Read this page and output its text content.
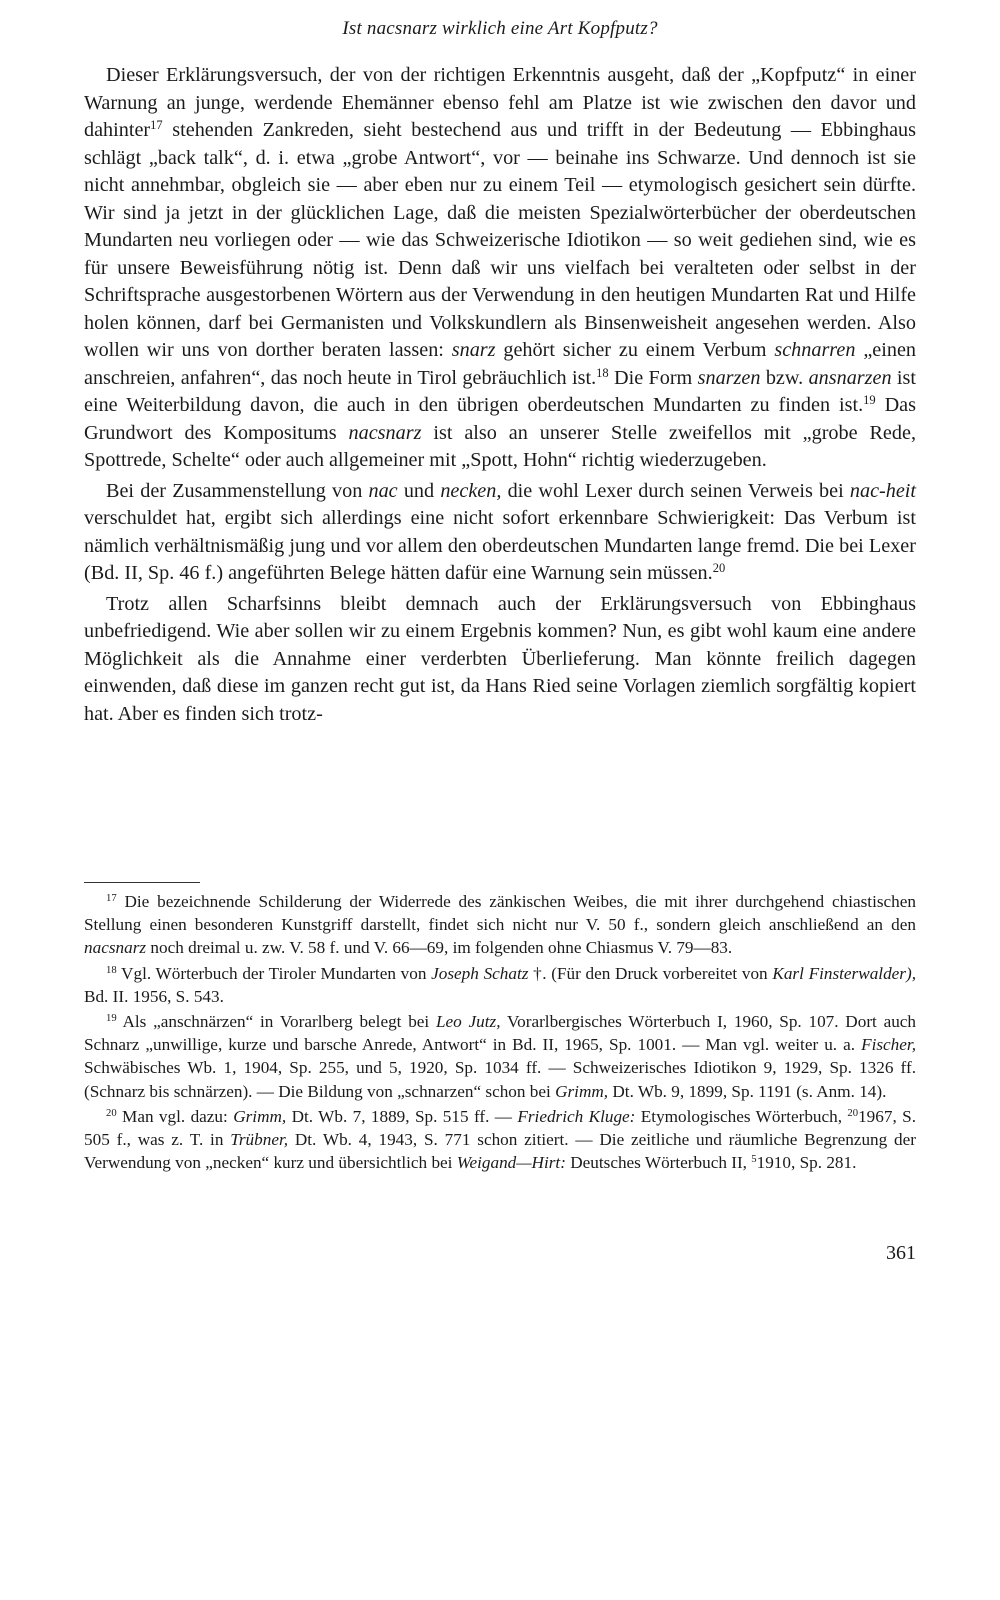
Ist nacsnarz wirklich eine Art Kopfputz?

Dieser Erklärungsversuch, der von der richtigen Erkenntnis ausgeht, daß der „Kopfputz“ in einer Warnung an junge, werdende Ehemänner ebenso fehl am Platze ist wie zwischen den davor und dahinter$^{17}$ stehenden Zankreden, sieht bestechend aus und trifft in der Bedeutung — Ebbinghaus schlägt „back talk“, d. i. etwa „grobe Antwort“, vor — beinahe ins Schwarze. Und dennoch ist sie nicht annehmbar, obgleich sie — aber eben nur zu einem Teil — etymologisch gesichert sein dürfte. Wir sind ja jetzt in der glücklichen Lage, daß die meisten Spezialwörterbücher der oberdeutschen Mundarten neu vorliegen oder — wie das Schweizerische Idiotikon — so weit gediehen sind, wie es für unsere Beweisführung nötig ist. Denn daß wir uns vielfach bei veralteten oder selbst in der Schriftsprache ausgestorbenen Wörtern aus der Verwendung in den heutigen Mundarten Rat und Hilfe holen können, darf bei Germanisten und Volkskundlern als Binsenweisheit angesehen werden. Also wollen wir uns von dorther beraten lassen: snarz gehört sicher zu einem Verbum schnarren „einen anschreien, anfahren“, das noch heute in Tirol gebräuchlich ist.$^{18}$ Die Form snarzen bzw. ansnarzen ist eine Weiterbildung davon, die auch in den übrigen oberdeutschen Mundarten zu finden ist.$^{19}$ Das Grundwort des Kompositums nacsnarz ist also an unserer Stelle zweifellos mit „grobe Rede, Spottrede, Schelte“ oder auch allgemeiner mit „Spott, Hohn“ richtig wiederzugeben.

Bei der Zusammenstellung von nac und necken, die wohl Lexer durch seinen Verweis bei nac-heit verschuldet hat, ergibt sich allerdings eine nicht sofort erkennbare Schwierigkeit: Das Verbum ist nämlich verhältnismäßig jung und vor allem den oberdeutschen Mundarten lange fremd. Die bei Lexer (Bd. II, Sp. 46 f.) angeführten Belege hätten dafür eine Warnung sein müssen.$^{20}$

Trotz allen Scharfsinns bleibt demnach auch der Erklärungsversuch von Ebbinghaus unbefriedigend. Wie aber sollen wir zu einem Ergebnis kommen? Nun, es gibt wohl kaum eine andere Möglichkeit als die Annahme einer verderbten Überlieferung. Man könnte freilich dagegen einwenden, daß diese im ganzen recht gut ist, da Hans Ried seine Vorlagen ziemlich sorgfältig kopiert hat. Aber es finden sich trotz-

$^{17}$ Die bezeichnende Schilderung der Widerrede des zänkischen Weibes, die mit ihrer durchgehend chiastischen Stellung einen besonderen Kunstgriff darstellt, findet sich nicht nur V. 50 f., sondern gleich anschließend an den nacsnarz noch dreimal u. zw. V. 58 f. und V. 66—69, im folgenden ohne Chiasmus V. 79—83.

$^{18}$ Vgl. Wörterbuch der Tiroler Mundarten von Joseph Schatz †. (Für den Druck vorbereitet von Karl Finsterwalder), Bd. II. 1956, S. 543.

$^{19}$ Als „anschnärzen“ in Vorarlberg belegt bei Leo Jutz, Vorarlbergisches Wörterbuch I, 1960, Sp. 107. Dort auch Schnarz „unwillige, kurze und barsche Anrede, Antwort“ in Bd. II, 1965, Sp. 1001. — Man vgl. weiter u. a. Fischer, Schwäbisches Wb. 1, 1904, Sp. 255, und 5, 1920, Sp. 1034 ff. — Schweizerisches Idiotikon 9, 1929, Sp. 1326 ff. (Schnarz bis schnärzen). — Die Bildung von „schnarzen“ schon bei Grimm, Dt. Wb. 9, 1899, Sp. 1191 (s. Anm. 14).

$^{20}$ Man vgl. dazu: Grimm, Dt. Wb. 7, 1889, Sp. 515 ff. — Friedrich Kluge: Etymologisches Wörterbuch, $^{20}$1967, S. 505 f., was z. T. in Trübner, Dt. Wb. 4, 1943, S. 771 schon zitiert. — Die zeitliche und räumliche Begrenzung der Verwendung von „necken“ kurz und übersichtlich bei Weigand—Hirt: Deutsches Wörterbuch II, $^5$1910, Sp. 281.

361
